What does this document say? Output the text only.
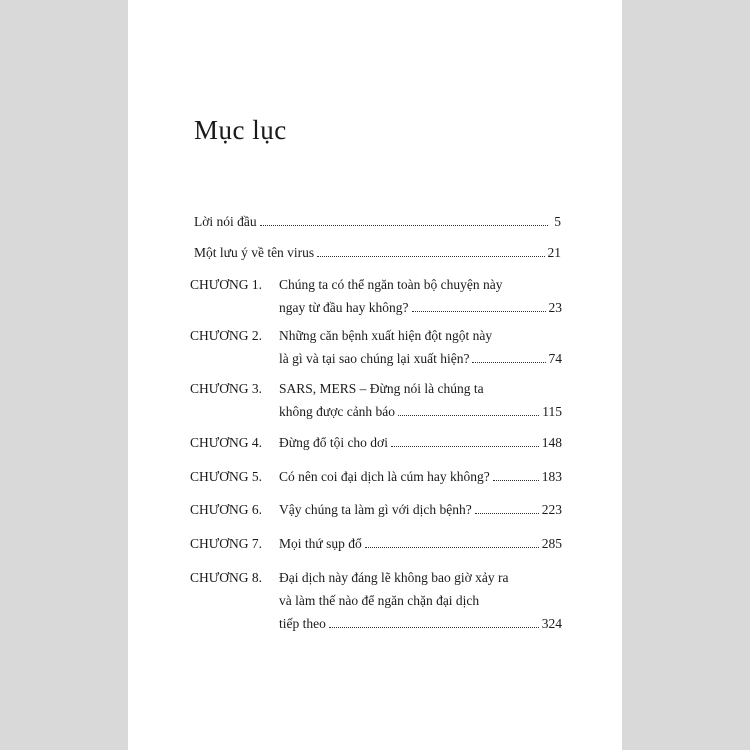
Mục lục
Lời nói đầu	5
Một lưu ý về tên virus	21
CHƯƠNG 1. Chúng ta có thể ngăn toàn bộ chuyện này
ngay từ đầu hay không?	23
CHƯƠNG 2. Những căn bệnh xuất hiện đột ngột này
là gì và tại sao chúng lại xuất hiện?	74
CHƯƠNG 3. SARS, MERS – Đừng nói là chúng ta
không được cảnh báo	115
CHƯƠNG 4. Đừng đổ tội cho dơi	148
CHƯƠNG 5. Có nên coi đại dịch là cúm hay không?	183
CHƯƠNG 6. Vậy chúng ta làm gì với dịch bệnh?	223
CHƯƠNG 7. Mọi thứ sụp đổ	285
CHƯƠNG 8. Đại dịch này đáng lẽ không bao giờ xảy ra
và làm thế nào để ngăn chặn đại dịch
tiếp theo	324
